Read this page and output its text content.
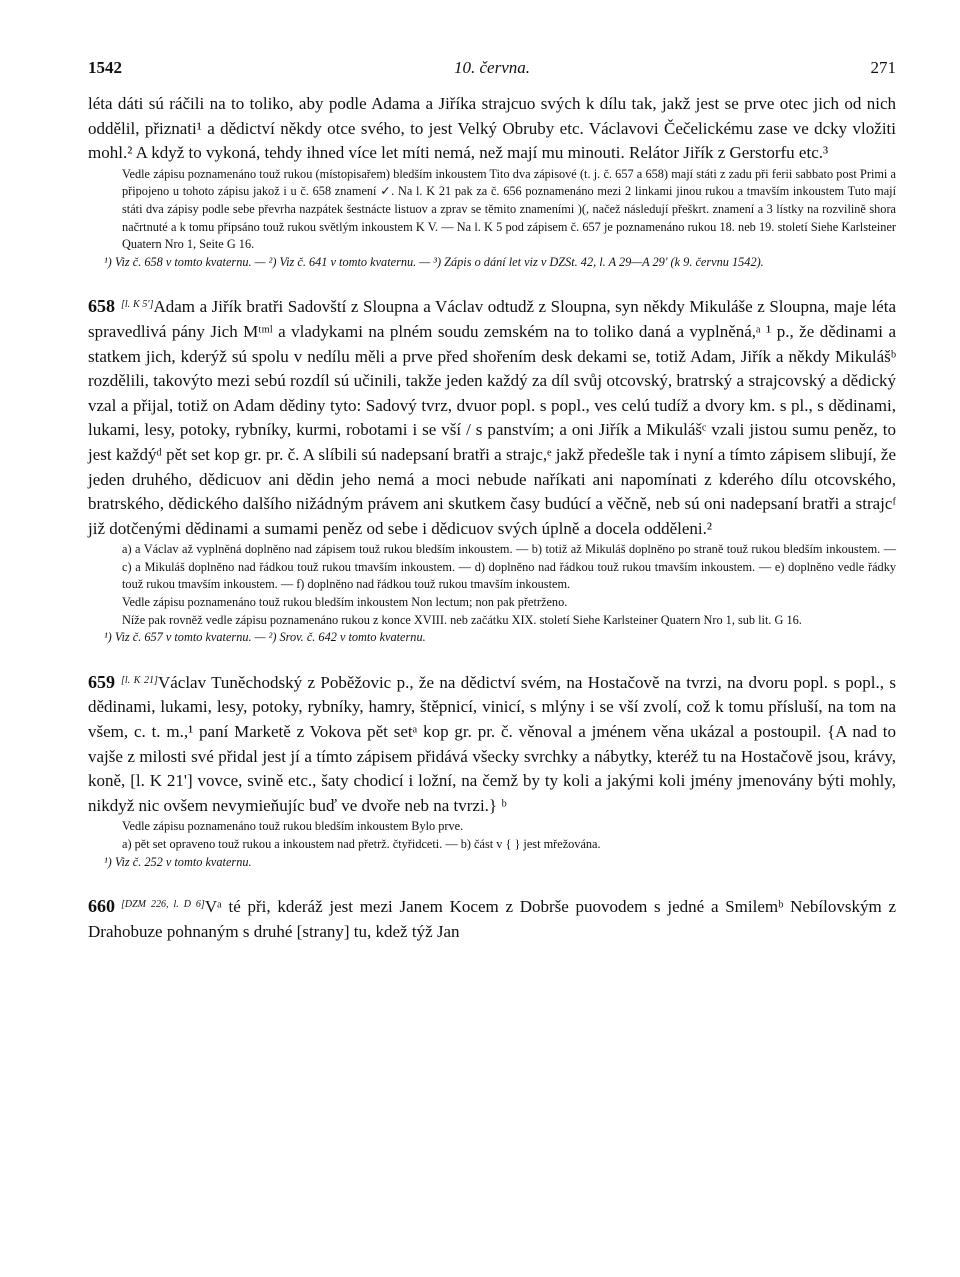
1542	10. června.	271

léta dáti sú ráčili na to toliko, aby podle Adama a Jiříka strajcuo svých k dílu tak, jakž jest se prve otec jich od nich oddělil, přiznati¹ a dědictví někdy otce svého, to jest Velký Obruby etc. Václavovi Čečelickému zase ve dcky vložiti mohl.² A když to vykoná, tehdy ihned více let míti nemá, než mají mu minouti. Relátor Jiřík z Gerstorfu etc.³

Vedle zápisu poznamenáno touž rukou (místopisařem) bledším inkoustem Tito dva zápisové (t. j. č. 657 a 658) mají státi z zadu při ferii sabbato post Primi a připojeno u tohoto zápisu jakož i u č. 658 znamení ✓. Na l. K 21 pak za č. 656 poznamenáno mezi 2 linkami jinou rukou a tmavším inkoustem Tuto mají státi dva zápisy podle sebe převrha nazpátek šestnácte listuov a zprav se těmito znameními )(, načež následují přeškrt. znamení a 3 lístky na rozvilině shora načrtnuté a k tomu připsáno touž rukou světlým inkoustem K V. — Na l. K 5 pod zápisem č. 657 je poznamenáno rukou 18. neb 19. století Siehe Karlsteiner Quatern Nro 1, Seite G 16.

¹) Viz č. 658 v tomto kvaternu. — ²) Viz č. 641 v tomto kvaternu. — ³) Zápis o dání let viz v DZSt. 42, l. A 29—A 29' (k 9. červnu 1542).

658 [l. K 5']Adam a Jiřík bratři Sadovští z Sloupna a Václav odtudž z Sloupna, syn někdy Mikuláše z Sloupna, maje léta spravedlivá pány Jich Mᵗᵐˡ a vladykami na plném soudu zemském na to toliko daná a vyplněná,ᵃ ¹ p., že dědinami a statkem jich, kderýž sú spolu v nedílu měli a prve před shořením desk dekami se, totiž Adam, Jiřík a někdy Mikulášᵇ rozdělili, takovýto mezi sebú rozdíl sú učinili, takže jeden každý za díl svůj otcovský, bratrský a strajcovský a dědický vzal a přijal, totiž on Adam dědiny tyto: Sadový tvrz, dvuor popl. s popl., ves celú tudíž a dvory km. s pl., s dědinami, lukami, lesy, potoky, rybníky, kurmi, robotami i se vší / s panstvím; a oni Jiřík a Mikulášᶜ vzali jistou sumu peněz, to jest každýᵈ pět set kop gr. pr. č. A slíbili sú nadepsaní bratři a strajc,ᵉ jakž předešle tak i nyní a tímto zápisem slibují, že jeden druhého, dědicuov ani dědin jeho nemá a moci nebude naříkati ani napomínati z kderého dílu otcovského, bratrského, dědického dalšího nižádným právem ani skutkem časy budúcí a věčně, neb sú oni nadepsaní bratři a strajcᶠ již dotčenými dědinami a sumami peněz od sebe i dědicuov svých úplně a docela odděleni.²

a) a Václav až vyplněná doplněno nad zápisem touž rukou bledším inkoustem. — b) totiž až Mikuláš doplněno po straně touž rukou bledším inkoustem. — c) a Mikuláš doplněno nad řádkou touž rukou tmavším inkoustem. — d) doplněno nad řádkou touž rukou tmavším inkoustem. — e) doplněno vedle řádky touž rukou tmavším inkoustem. — f) doplněno nad řádkou touž rukou tmavším inkoustem.

Vedle zápisu poznamenáno touž rukou bledším inkoustem Non lectum; non pak přetrženo.

Níže pak rovněž vedle zápisu poznamenáno rukou z konce XVIII. neb začátku XIX. století Siehe Karlsteiner Quatern Nro 1, sub lit. G 16.

¹) Viz č. 657 v tomto kvaternu. — ²) Srov. č. 642 v tomto kvaternu.

659 [l. K 21]Václav Tuněchodský z Poběžovic p., že na dědictví svém, na Hostačově na tvrzi, na dvoru popl. s popl., s dědinami, lukami, lesy, potoky, rybníky, hamry, štěpnicí, vinicí, s mlýny i se vší zvolí, což k tomu přísluší, na tom na všem, c. t. m.,¹ paní Marketě z Vokova pět setᵃ kop gr. pr. č. věnoval a jménem věna ukázal a postoupil. {A nad to vajše z milosti své přidal jest jí a tímto zápisem přidává všecky svrchky a nábytky, kteréž tu na Hostačově jsou, krávy, koně, [l. K 21'] vovce, svině etc., šaty chodicí i ložní, na čemž by ty koli a jakými koli jmény jmenovány býti mohly, nikdyž nic ovšem nevymieňujíc buď ve dvoře neb na tvrzi.} ᵇ

Vedle zápisu poznamenáno touž rukou bledším inkoustem Bylo prve.

a) pět set opraveno touž rukou a inkoustem nad přetrž. čtyřidceti. — b) část v { } jest mřežována.

¹) Viz č. 252 v tomto kvaternu.

660 [DZM 226, l. D 6]Vᵃ té při, kderáž jest mezi Janem Kocem z Dobrše puovodem s jedné a Smilemᵇ Nebílovským z Drahobuze pohnaným s druhé [strany] tu, kdež týž Jan
